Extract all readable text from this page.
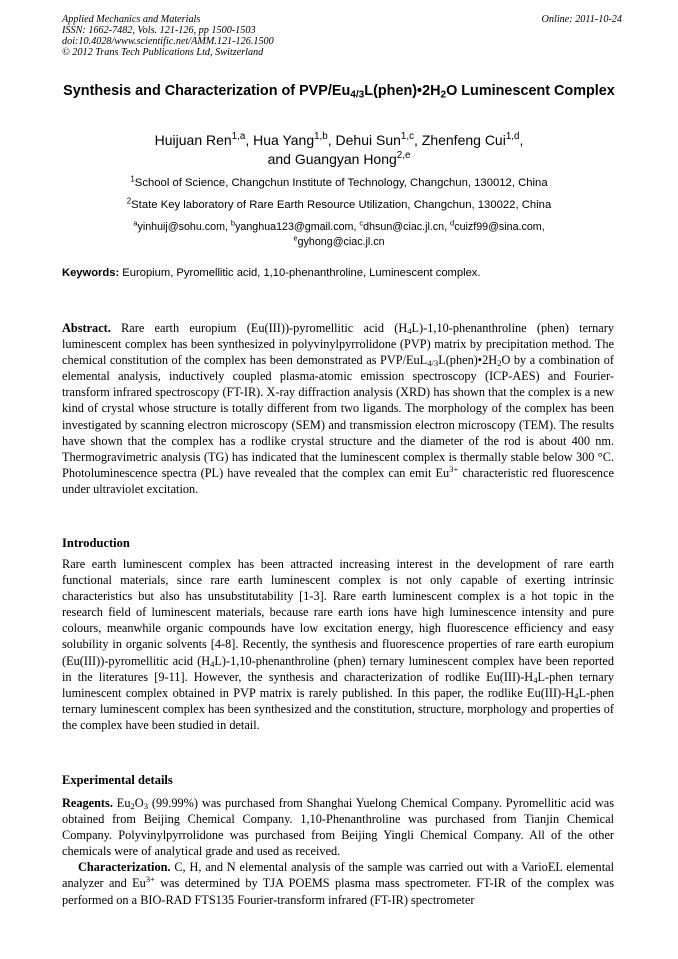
Applied Mechanics and Materials
ISSN: 1662-7482, Vols. 121-126, pp 1500-1503
doi:10.4028/www.scientific.net/AMM.121-126.1500
© 2012 Trans Tech Publications Ltd, Switzerland
Online: 2011-10-24
Synthesis and Characterization of PVP/$Eu_{4/3}L(phen)•2H_2O$ Luminescent Complex
Huijuan Ren$^{1,a}$, Hua Yang$^{1,b}$, Dehui Sun$^{1,c}$, Zhenfeng Cui$^{1,d}$,
and Guangyan Hong$^{2,e}$
$^1$School of Science, Changchun Institute of Technology, Changchun, 130012, China
$^2$State Key laboratory of Rare Earth Resource Utilization, Changchun, 130022, China
$^a$yinhuij@sohu.com, $^b$yanghua123@gmail.com, $^c$dhsun@ciac.jl.cn, $^d$cuizf99@sina.com,
$^e$gyhong@ciac.jl.cn
Keywords: Europium, Pyromellitic acid, 1,10-phenanthroline, Luminescent complex.
Abstract. Rare earth europium (Eu(III))-pyromellitic acid $(H_4L)-1,10$-phenanthroline (phen) ternary luminescent complex has been synthesized in polyvinylpyrrolidone (PVP) matrix by precipitation method. The chemical constitution of the complex has been demonstrated as PVP/$EuL_{4/3}L(phen)•2H_2O$ by a combination of elemental analysis, inductively coupled plasma-atomic emission spectroscopy (ICP-AES) and Fourier-transform infrared spectroscopy (FT-IR). X-ray diffraction analysis (XRD) has shown that the complex is a new kind of crystal whose structure is totally different from two ligands. The morphology of the complex has been investigated by scanning electron microscopy (SEM) and transmission electron microscopy (TEM). The results have shown that the complex has a rodlike crystal structure and the diameter of the rod is about 400 nm. Thermogravimetric analysis (TG) has indicated that the luminescent complex is thermally stable below 300 °C. Photoluminescence spectra (PL) have revealed that the complex can emit $Eu^{3+}$ characteristic red fluorescence under ultraviolet excitation.
Introduction
Rare earth luminescent complex has been attracted increasing interest in the development of rare earth functional materials, since rare earth luminescent complex is not only capable of exerting intrinsic characteristics but also has unsubstitutability [1-3]. Rare earth luminescent complex is a hot topic in the research field of luminescent materials, because rare earth ions have high luminescence intensity and pure colours, meanwhile organic compounds have low excitation energy, high fluorescence efficiency and easy solubility in organic solvents [4-8]. Recently, the synthesis and fluorescence properties of rare earth europium (Eu(III))-pyromellitic acid $(H_4L)-1,10$-phenanthroline (phen) ternary luminescent complex have been reported in the literatures [9-11]. However, the synthesis and characterization of rodlike $Eu(III)-H_4L$-phen ternary luminescent complex obtained in PVP matrix is rarely published. In this paper, the rodlike $Eu(III)-H_4L$-phen ternary luminescent complex has been synthesized and the constitution, structure, morphology and properties of the complex have been studied in detail.
Experimental details
Reagents. $Eu_2O_3$ (99.99%) was purchased from Shanghai Yuelong Chemical Company. Pyromellitic acid was obtained from Beijing Chemical Company. 1,10-Phenanthroline was purchased from Tianjin Chemical Company. Polyvinylpyrrolidone was purchased from Beijing Yingli Chemical Company. All of the other chemicals were of analytical grade and used as received.
Characterization. C, H, and N elemental analysis of the sample was carried out with a VarioEL elemental analyzer and $Eu^{3+}$ was determined by TJA POEMS plasma mass spectrometer. FT-IR of the complex was performed on a BIO-RAD FTS135 Fourier-transform infrared (FT-IR) spectrometer
